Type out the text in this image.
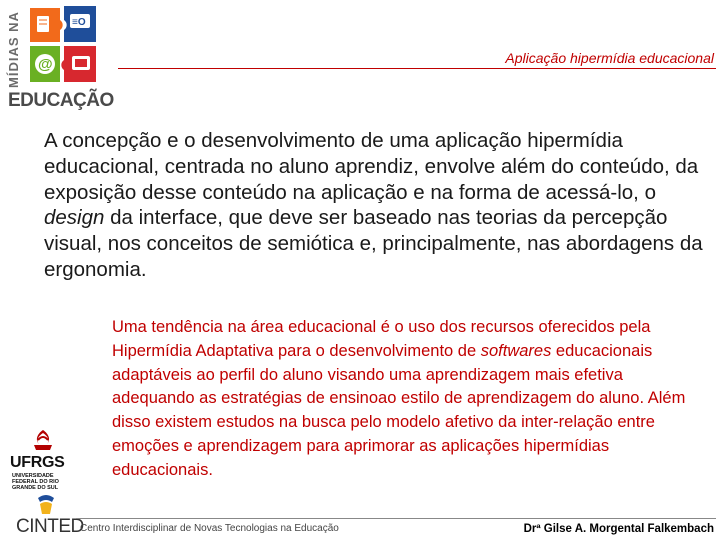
MÍDIAS NA	≡O
@
EDUCAÇÃO
Aplicação hipermídia educacional
A concepção e o desenvolvimento de uma aplicação hipermídia educacional, centrada no aluno aprendiz, envolve além do conteúdo, da exposição desse conteúdo na aplicação e na forma de acessá-lo, o design da interface, que deve ser baseado nas teorias da percepção visual, nos conceitos de semiótica e, principalmente, nas abordagens da ergonomia.
Uma tendência na área educacional é o uso dos recursos oferecidos pela Hipermídia Adaptativa para o desenvolvimento de softwares educacionais adaptáveis ao perfil do aluno visando uma aprendizagem mais efetiva adequando as estratégias de ensinoao estilo de aprendizagem do aluno. Além disso existem estudos na busca pelo modelo afetivo da inter-relação entre emoções e aprendizagem para aprimorar as aplicações hipermídias educacionais.
UFRGS
UNIVERSIDADE FEDERAL DO RIO GRANDE DO SUL
CINTED
Centro Interdisciplinar de Novas Tecnologias na Educação	Drª Gilse A. Morgental Falkembach
